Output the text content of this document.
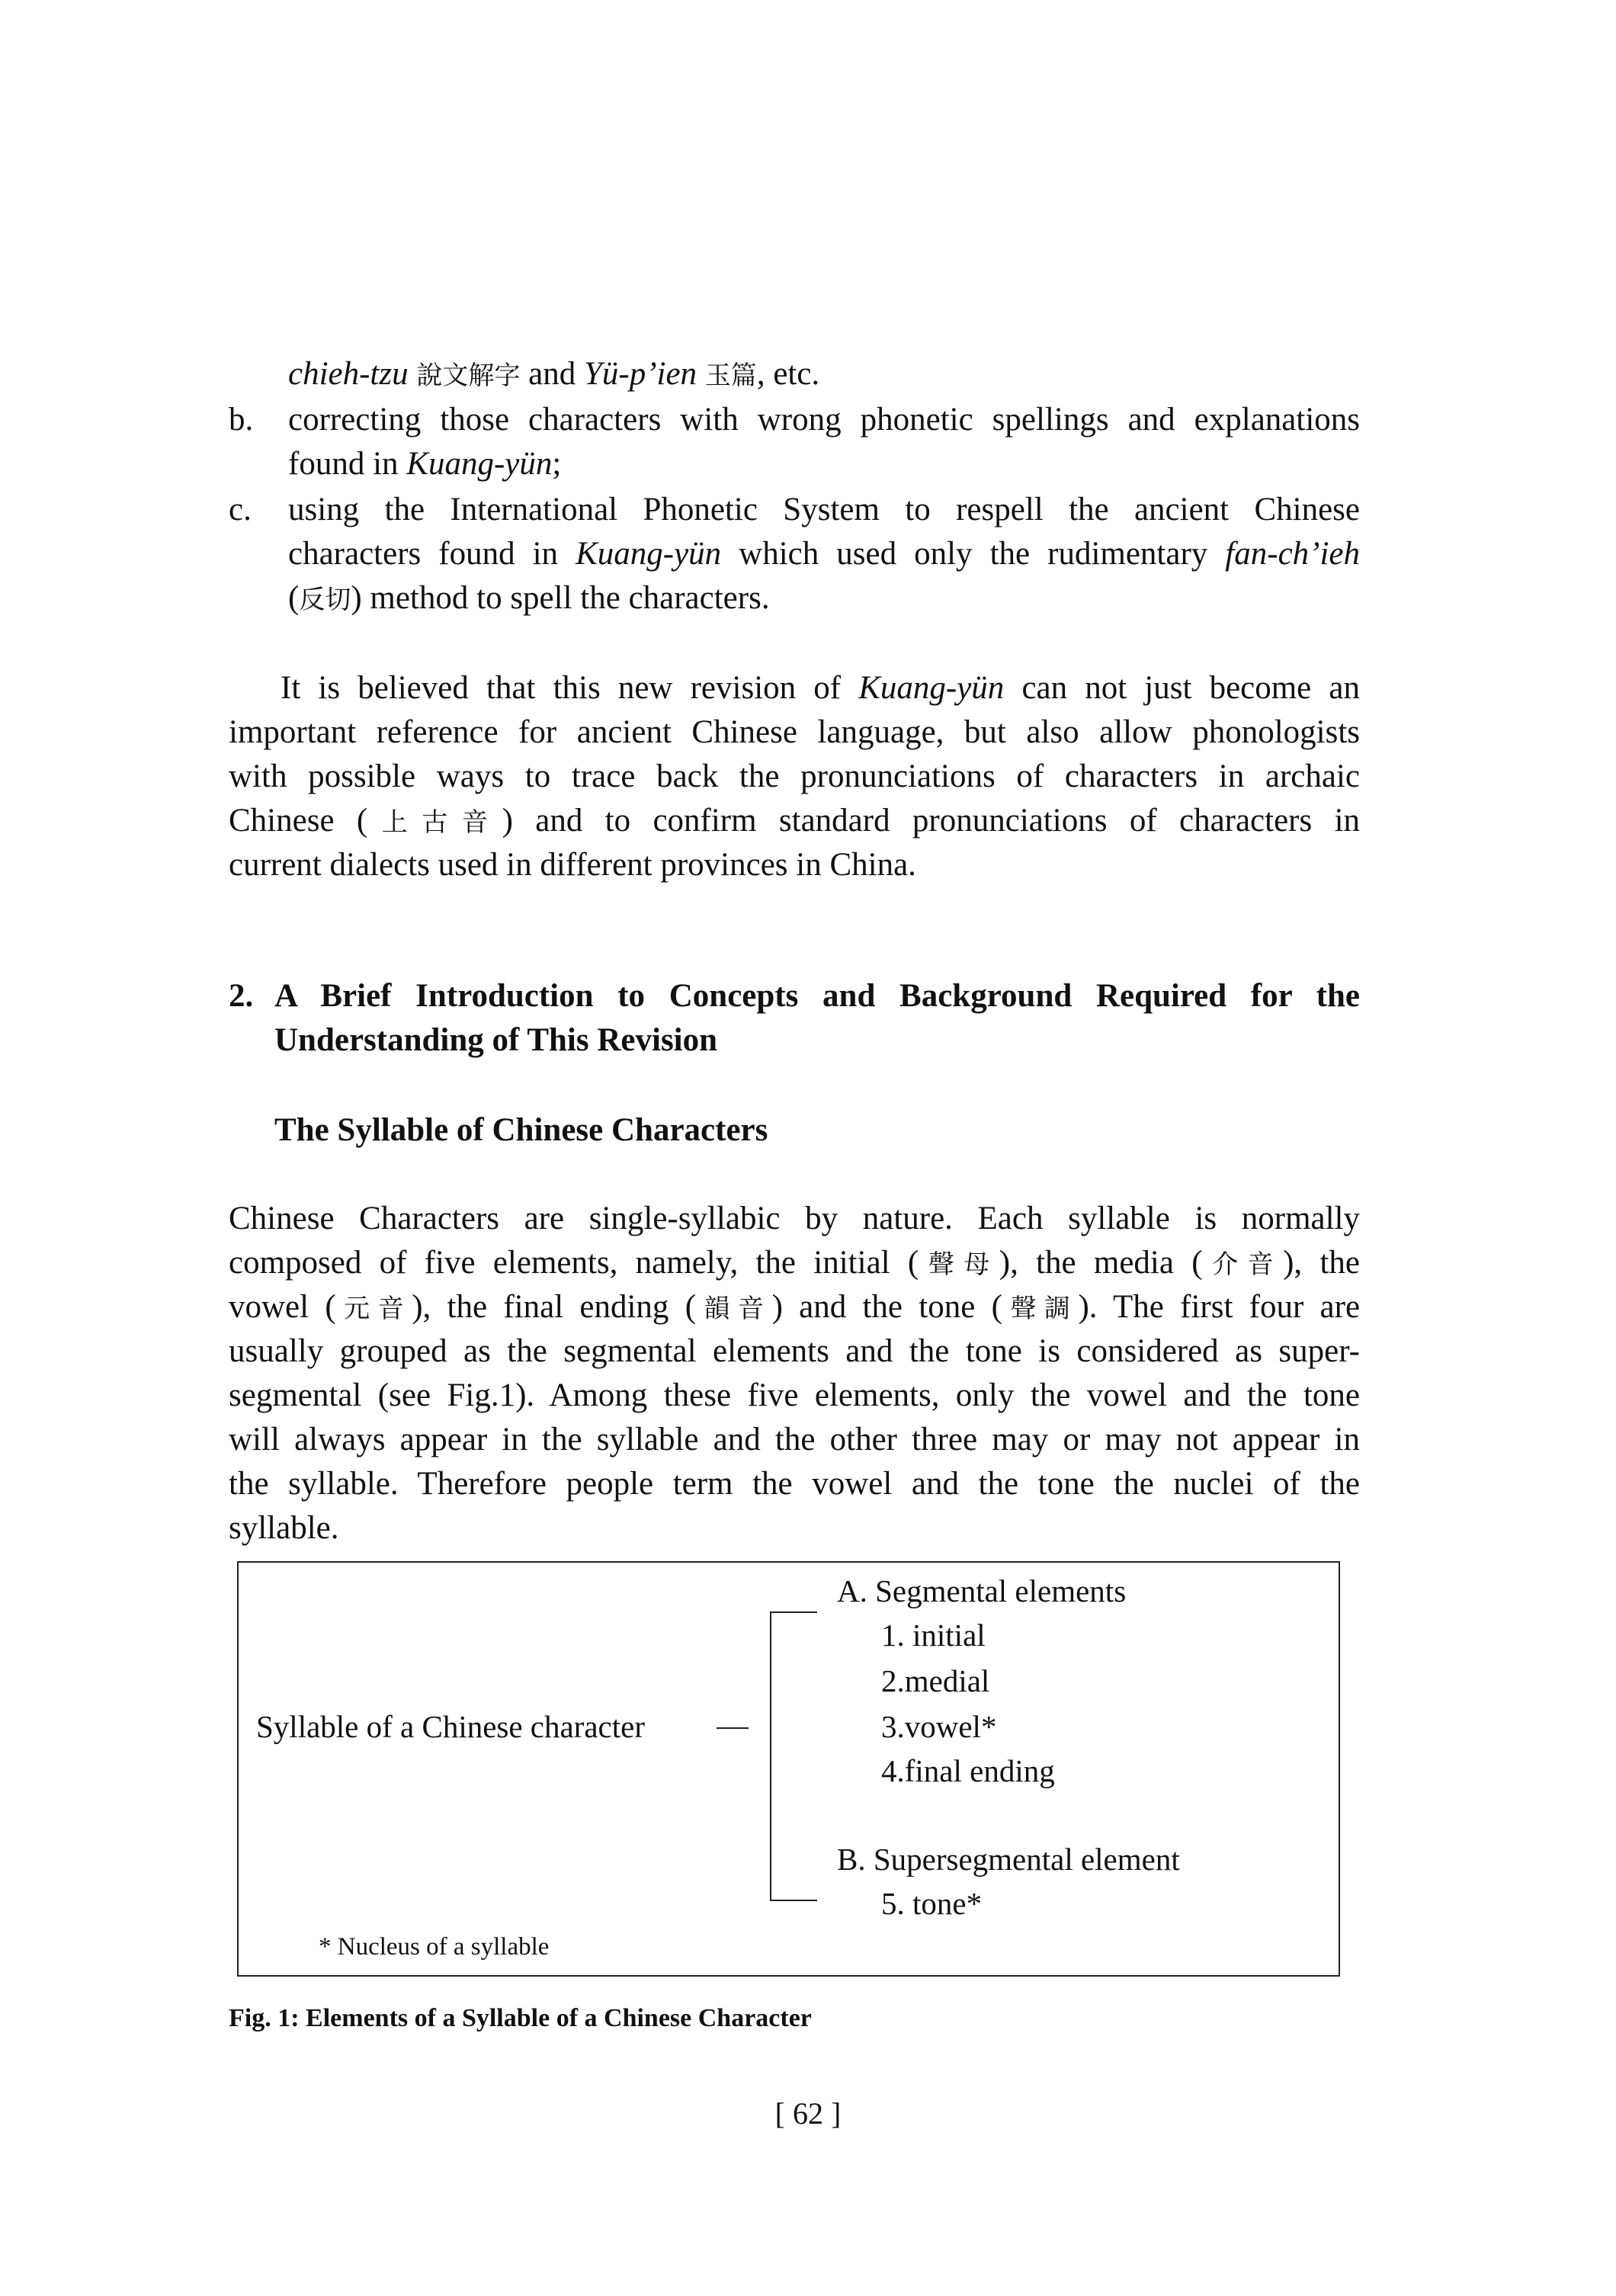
chieh-tzu 說文解字 and Yü-p’ien 玉篇, etc.
b. correcting those characters with wrong phonetic spellings and explanations
found in Kuang-yün;
c. using the International Phonetic System to respell the ancient Chinese
characters found in Kuang-yün which used only the rudimentary fan-ch’ieh
(反切) method to spell the characters.
It is believed that this new revision of Kuang-yün can not just become an
important reference for ancient Chinese language, but also allow phonologists
with possible ways to trace back the pronunciations of characters in archaic
Chinese (上古音) and to confirm standard pronunciations of characters in
current dialects used in different provinces in China.
2. A Brief Introduction to Concepts and Background Required for the
Understanding of This Revision
The Syllable of Chinese Characters
Chinese Characters are single-syllabic by nature. Each syllable is normally
composed of five elements, namely, the initial (聲母), the media (介音), the
vowel (元音), the final ending (韻音) and the tone (聲調). The first four are
usually grouped as the segmental elements and the tone is considered as super-
segmental (see Fig.1). Among these five elements, only the vowel and the tone
will always appear in the syllable and the other three may or may not appear in
the syllable. Therefore people term the vowel and the tone the nuclei of the
syllable.
Syllable of a Chinese character
A. Segmental elements
1. initial
2.medial
3.vowel*
4.final ending
B. Supersegmental element
5. tone*
* Nucleus of a syllable
Fig. 1: Elements of a Syllable of a Chinese Character
[ 62 ]
